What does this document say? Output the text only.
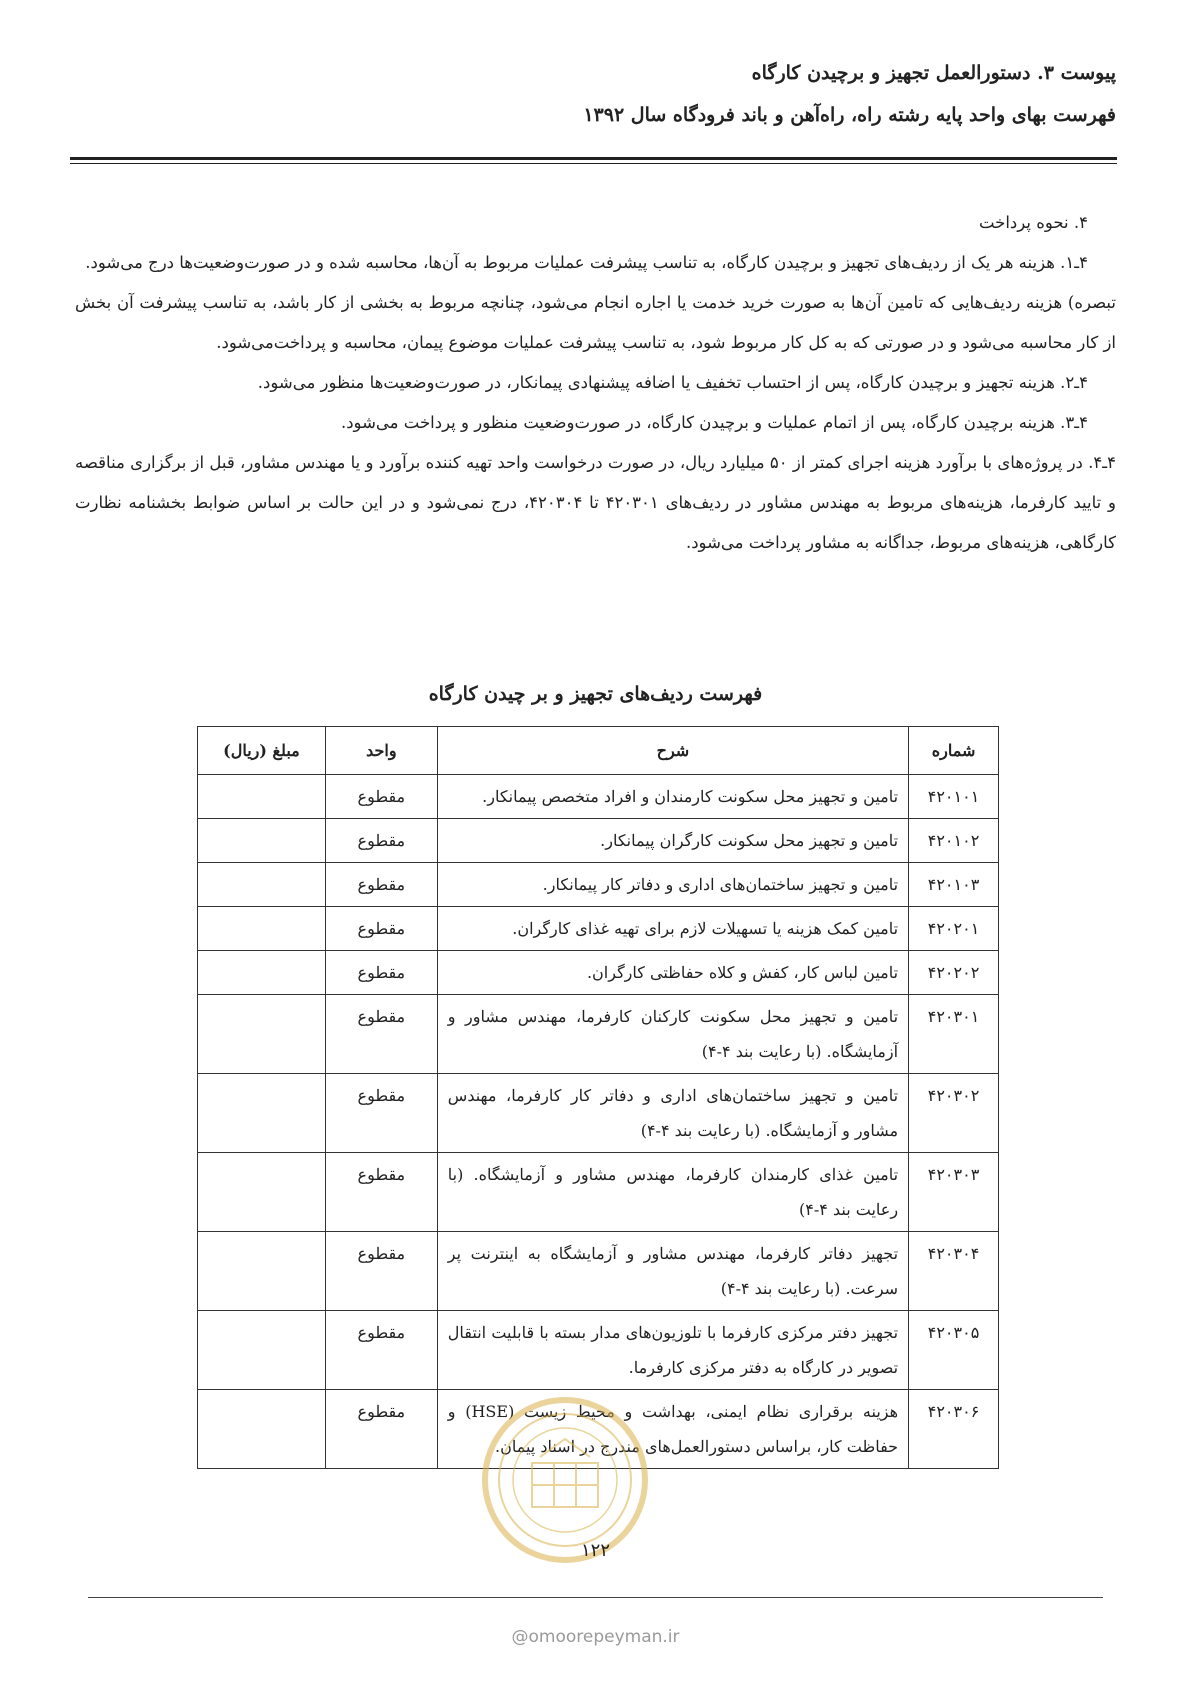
پیوست ۳. دستورالعمل تجهیز و برچیدن کارگاه
فهرست بهای واحد پایه رشته راه، راه‌آهن و باند فرودگاه سال ۱۳۹۲

۴. نحوه پرداخت

۴ـ۱. هزینه هر یک از ردیف‌های تجهیز و برچیدن کارگاه، به تناسب پیشرفت عملیات مربوط به آن‌ها، محاسبه شده و در صورت‌وضعیت‌ها درج می‌شود.

تبصره) هزینه ردیف‌هایی که تامین آن‌ها به صورت خرید خدمت یا اجاره انجام می‌شود، چنانچه مربوط به بخشی از کار باشد، به تناسب پیشرفت آن بخش از کار محاسبه می‌شود و در صورتی که به کل کار مربوط شود، به تناسب پیشرفت عملیات موضوع پیمان، محاسبه و پرداخت‌می‌شود.

۴ـ۲. هزینه تجهیز و برچیدن کارگاه، پس از احتساب تخفیف یا اضافه پیشنهادی پیمانکار، در صورت‌وضعیت‌ها منظور می‌شود.

۴ـ۳. هزینه برچیدن کارگاه، پس از اتمام عملیات و برچیدن کارگاه، در صورت‌وضعیت منظور و پرداخت می‌شود.

۴ـ۴. در پروژه‌های با برآورد هزینه اجرای کمتر از ۵۰ میلیارد ریال، در صورت درخواست واحد تهیه کننده برآورد و یا مهندس مشاور، قبل از برگزاری مناقصه و تایید کارفرما، هزینه‌های مربوط به مهندس مشاور در ردیف‌های ۴۲۰۳۰۱ تا ۴۲۰۳۰۴، درج نمی‌شود و در این حالت بر اساس ضوابط بخشنامه نظارت کارگاهی، هزینه‌های مربوط، جداگانه به مشاور پرداخت می‌شود.

فهرست ردیف‌های تجهیز و بر چیدن کارگاه
شماره	شرح	واحد	مبلغ (ریال)
۴۲۰۱۰۱	تامین و تجهیز محل سکونت کارمندان و افراد متخصص پیمانکار.	مقطوع	
۴۲۰۱۰۲	تامین و تجهیز محل سکونت کارگران پیمانکار.	مقطوع	
۴۲۰۱۰۳	تامین و تجهیز ساختمان‌های اداری و دفاتر کار پیمانکار.	مقطوع	
۴۲۰۲۰۱	تامین کمک هزینه یا تسهیلات لازم برای تهیه غذای کارگران.	مقطوع	
۴۲۰۲۰۲	تامین لباس کار، کفش و کلاه حفاظتی کارگران.	مقطوع	
۴۲۰۳۰۱	تامین و تجهیز محل سکونت کارکنان کارفرما، مهندس مشاور و آزمایشگاه. (با رعایت بند ۴-۴)	مقطوع	
۴۲۰۳۰۲	تامین و تجهیز ساختمان‌های اداری و دفاتر کار کارفرما، مهندس مشاور و آزمایشگاه. (با رعایت بند ۴-۴)	مقطوع	
۴۲۰۳۰۳	تامین غذای کارمندان کارفرما، مهندس مشاور و آزمایشگاه. (با رعایت بند ۴-۴)	مقطوع	
۴۲۰۳۰۴	تجهیز دفاتر کارفرما، مهندس مشاور و آزمایشگاه به اینترنت پر سرعت. (با رعایت بند ۴-۴)	مقطوع	
۴۲۰۳۰۵	تجهیز دفتر مرکزی کارفرما با تلوزیون‌های مدار بسته با قابلیت انتقال تصویر در کارگاه به دفتر مرکزی کارفرما.	مقطوع	
۴۲۰۳۰۶	هزینه برقراری نظام ایمنی، بهداشت و محیط زیست (HSE) و حفاظت کار، براساس دستورالعمل‌های مندرج در اسناد پیمان.	مقطوع	
۱۲۲
@omoorepeyman.ir
